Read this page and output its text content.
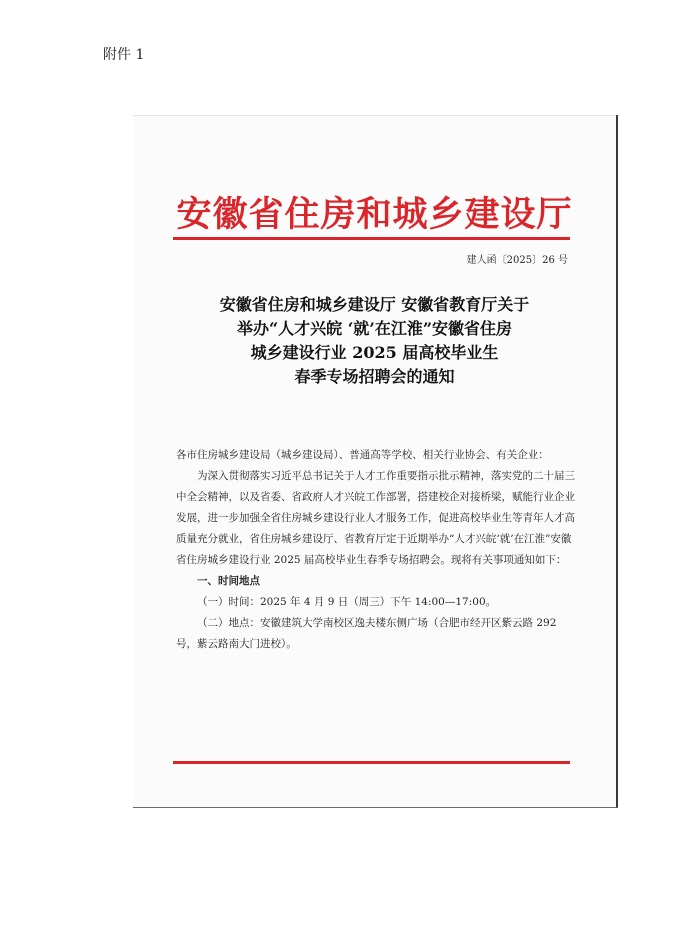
附件 1
安徽省住房和城乡建设厅
建人函〔2025〕26 号
安徽省住房和城乡建设厅 安徽省教育厅关于
举办“人才兴皖 ‘就’在江淮”安徽省住房
城乡建设行业 2025 届高校毕业生
春季专场招聘会的通知

各市住房城乡建设局（城乡建设局）、普通高等学校、相关行业协会、有关企业：

为深入贯彻落实习近平总书记关于人才工作重要指示批示精神，落实党的二十届三中全会精神，以及省委、省政府人才兴皖工作部署，搭建校企对接桥梁，赋能行业企业发展，进一步加强全省住房城乡建设行业人才服务工作，促进高校毕业生等青年人才高质量充分就业，省住房城乡建设厅、省教育厅定于近期举办“人才兴皖‘就’在江淮”安徽省住房城乡建设行业 2025 届高校毕业生春季专场招聘会。现将有关事项通知如下：

一、时间地点

（一）时间：2025 年 4 月 9 日（周三）下午 14:00—17:00。

（二）地点：安徽建筑大学南校区逸夫楼东侧广场（合肥市经开区紫云路 292 号，紫云路南大门进校）。
